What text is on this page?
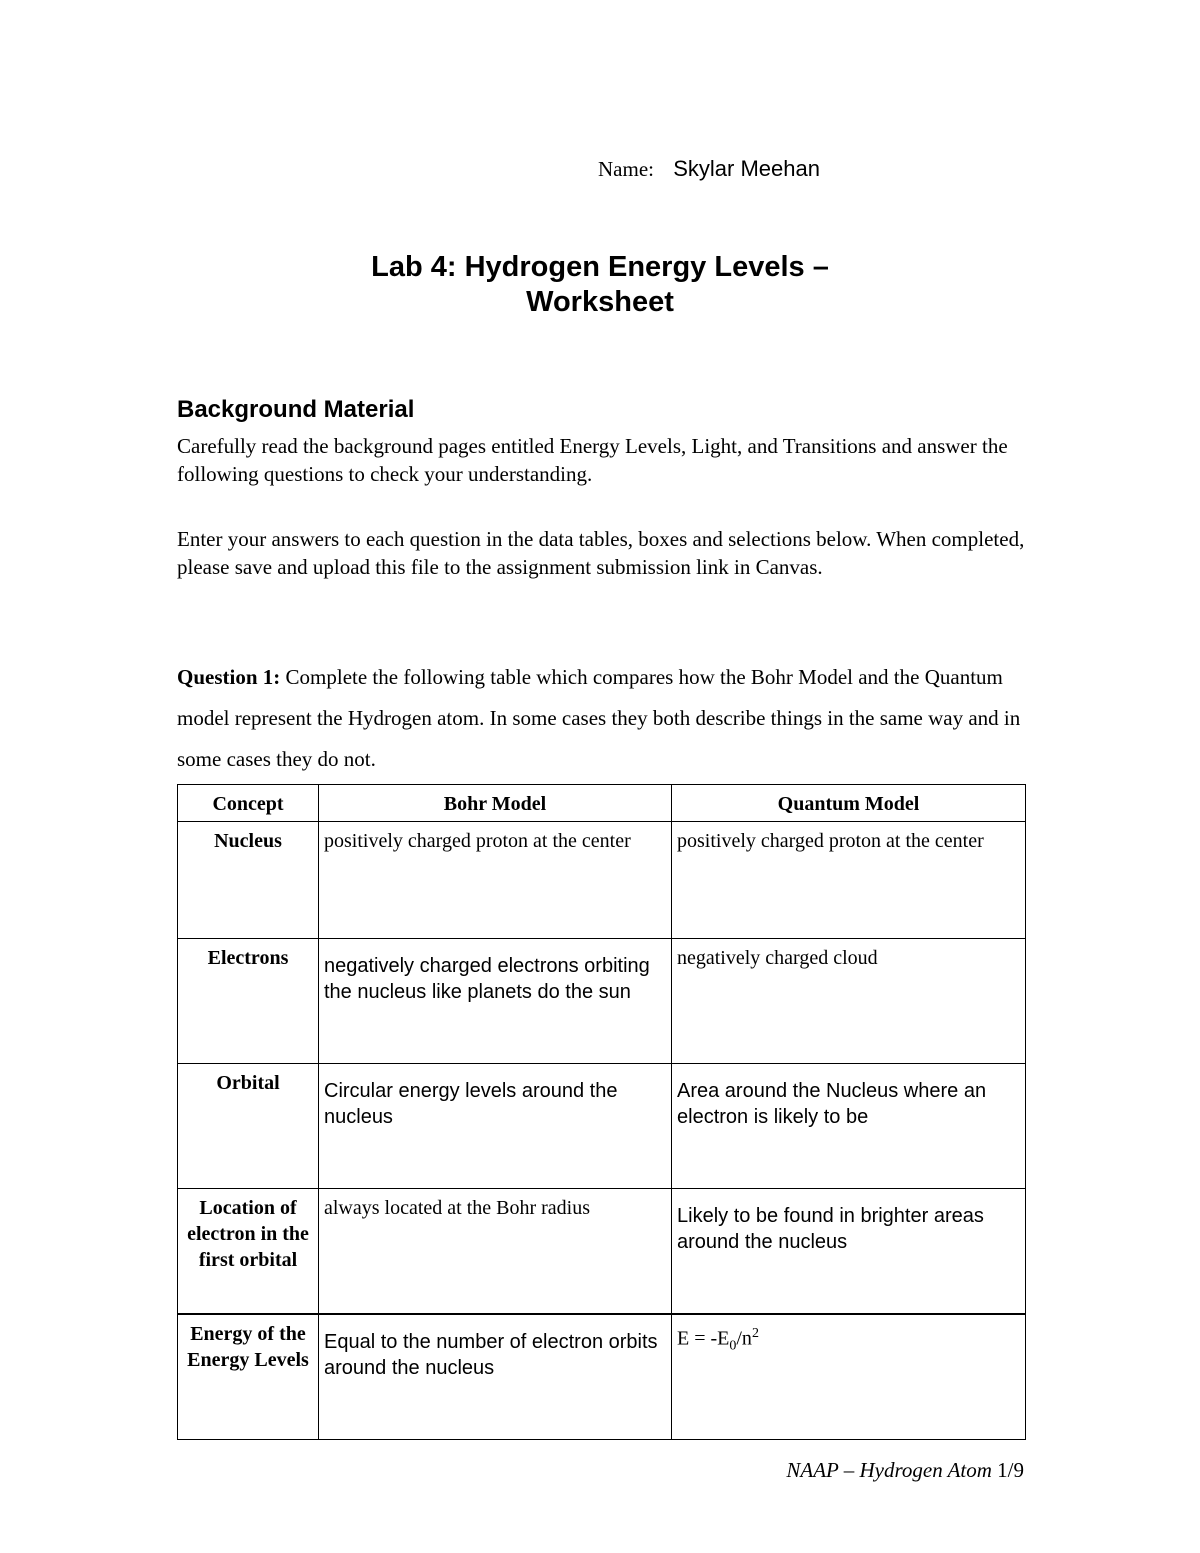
Name: Skylar Meehan
Lab 4: Hydrogen Energy Levels –
Worksheet
Background Material
Carefully read the background pages entitled Energy Levels, Light, and Transitions and answer the following questions to check your understanding.
Enter your answers to each question in the data tables, boxes and selections below. When completed, please save and upload this file to the assignment submission link in Canvas.
Question 1: Complete the following table which compares how the Bohr Model and the Quantum model represent the Hydrogen atom. In some cases they both describe things in the same way and in some cases they do not.
Concept	Bohr Model	Quantum Model
Nucleus	positively charged proton at the center	positively charged proton at the center
Electrons	negatively charged electrons orbiting the nucleus like planets do the sun	negatively charged cloud
Orbital	Circular energy levels around the nucleus	Area around the Nucleus where an electron is likely to be
Location of electron in the first orbital	always located at the Bohr radius	Likely to be found in brighter areas around the nucleus
Energy of the Energy Levels	Equal to the number of electron orbits around the nucleus	$E = -E_0/n^2$
NAAP – Hydrogen Atom 1/9
